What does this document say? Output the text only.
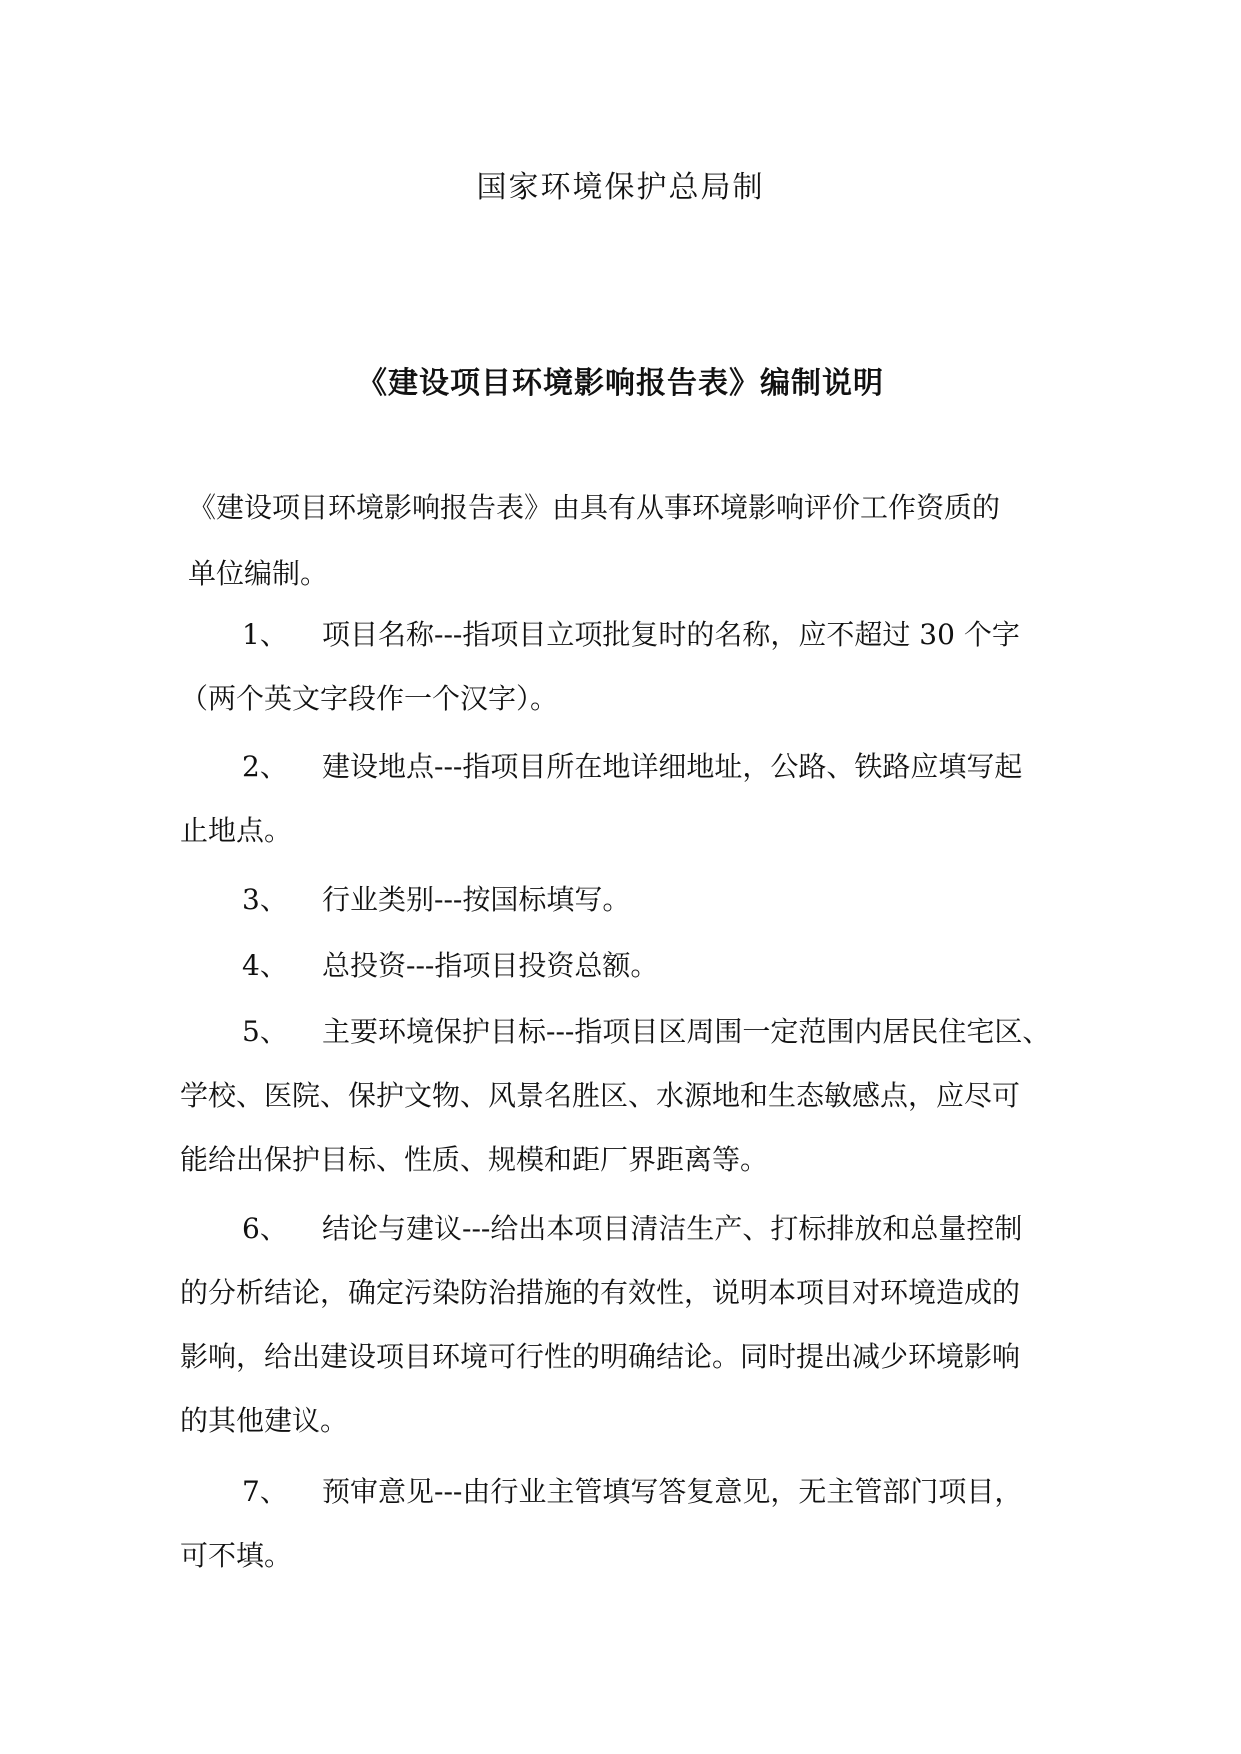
国家环境保护总局制
《建设项目环境影响报告表》编制说明
《建设项目环境影响报告表》由具有从事环境影响评价工作资质的
单位编制。
1、 项目名称---指项目立项批复时的名称，应不超过 30 个字
（两个英文字段作一个汉字）。
2、 建设地点---指项目所在地详细地址，公路、铁路应填写起
止地点。
3、 行业类别---按国标填写。
4、 总投资---指项目投资总额。
5、 主要环境保护目标---指项目区周围一定范围内居民住宅区、
学校、医院、保护文物、风景名胜区、水源地和生态敏感点，应尽可
能给出保护目标、性质、规模和距厂界距离等。
6、 结论与建议---给出本项目清洁生产、打标排放和总量控制
的分析结论，确定污染防治措施的有效性，说明本项目对环境造成的
影响，给出建设项目环境可行性的明确结论。同时提出减少环境影响
的其他建议。
7、 预审意见---由行业主管填写答复意见，无主管部门项目，
可不填。
